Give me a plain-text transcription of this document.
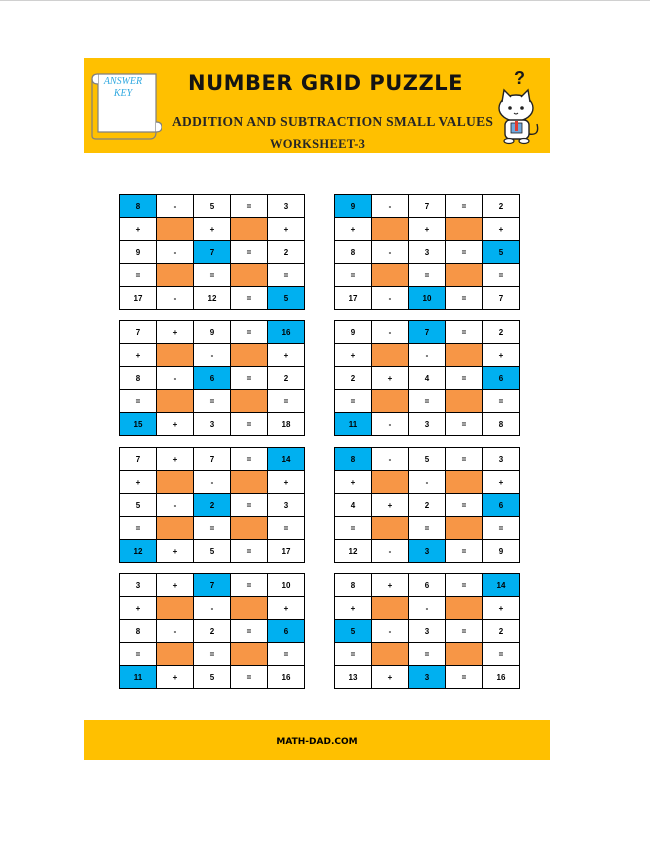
ANSWER
KEY	NUMBER GRID PUZZLE
ADDITION AND SUBTRACTION SMALL VALUES
WORKSHEET-3
?
8	-	5	=	3
+		+		+
9	-	7	=	2
=		=		=
17	-	12	=	5
9	-	7	=	2
+		+		+
8	-	3	=	5
=		=		=
17	-	10	=	7
7	+	9	=	16
+		-		+
8	-	6	=	2
=		=		=
15	+	3	=	18
9	-	7	=	2
+		-		+
2	+	4	=	6
=		=		=
11	-	3	=	8
7	+	7	=	14
+		-		+
5	-	2	=	3
=		=		=
12	+	5	=	17
8	-	5	=	3
+		-		+
4	+	2	=	6
=		=		=
12	-	3	=	9
3	+	7	=	10
+		-		+
8	-	2	=	6
=		=		=
11	+	5	=	16
8	+	6	=	14
+		-		+
5	-	3	=	2
=		=		=
13	+	3	=	16
MATH-DAD.COM
